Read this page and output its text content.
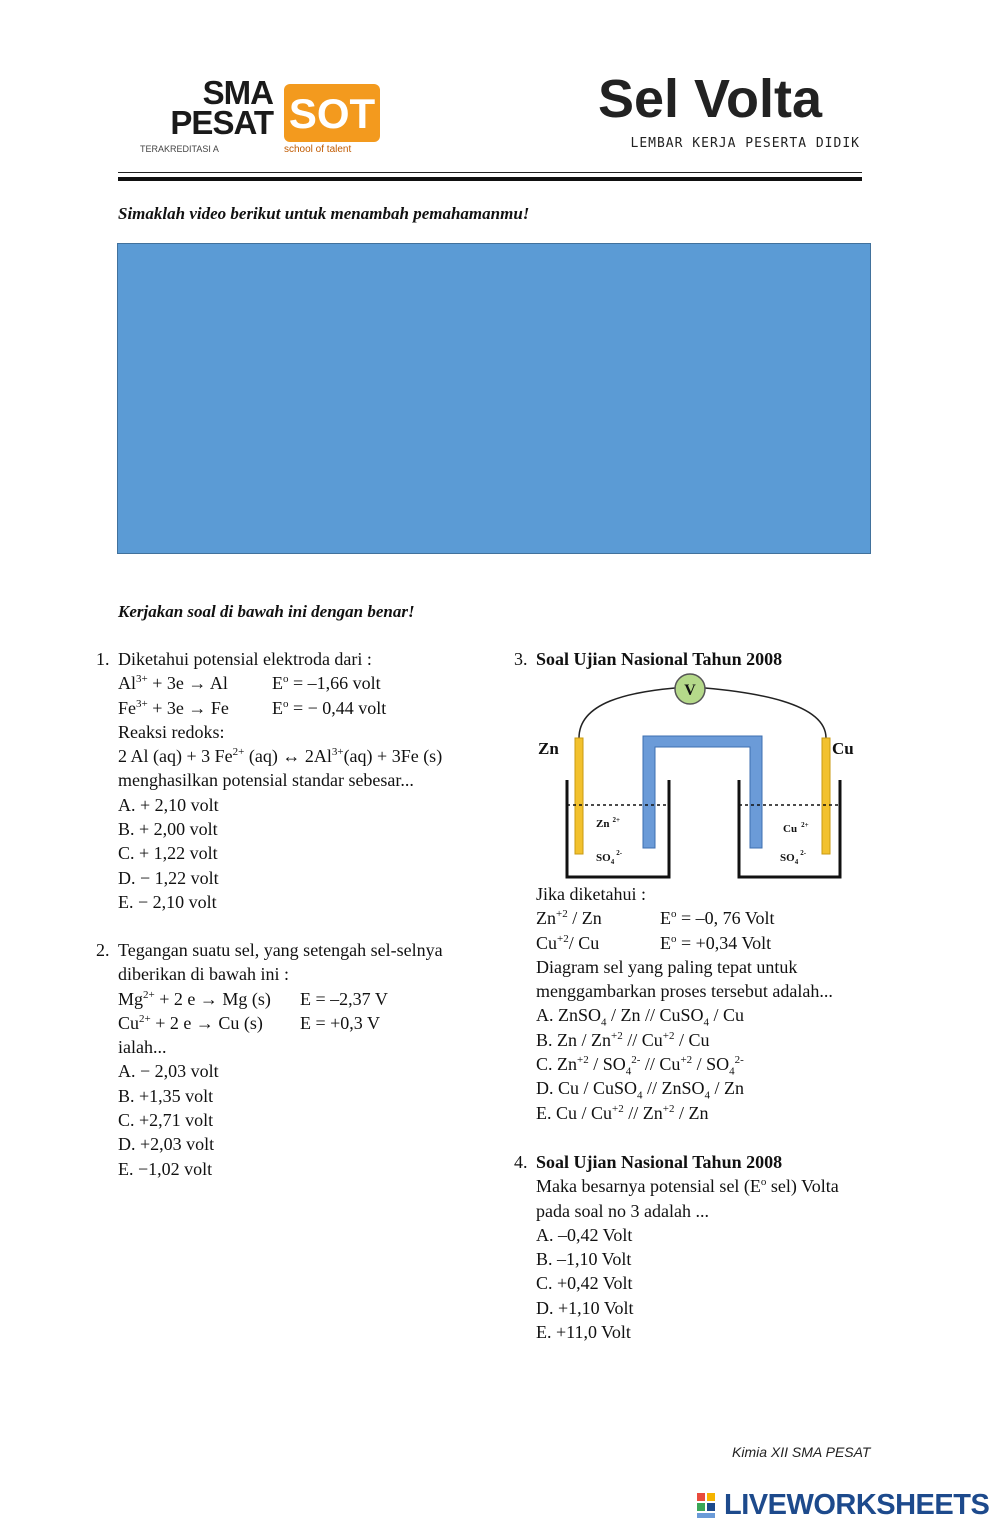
SMA
PESAT
TERAKREDITASI A
SOT
school of talent
Sel Volta
LEMBAR KERJA PESERTA DIDIK
Simaklah video berikut untuk menambah pemahamanmu!
Kerjakan soal di bawah ini dengan benar!
1. Diketahui potensial elektroda dari :
$Al^{3+} + 3e \to Al$ $E^o = -1,66$ volt
$Fe^{3+} + 3e \to Fe$ $E^o$ = − 0,44 volt
Reaksi redoks:
2 Al (aq) + 3 $Fe^{2+}$ (aq) ↔ $2Al^{3+}(aq) + 3Fe$ (s)
menghasilkan potensial standar sebesar...
A. + 2,10 volt
B. + 2,00 volt
C. + 1,22 volt
D. − 1,22 volt
E. − 2,10 volt
2. Tegangan suatu sel, yang setengah sel-selnya
diberikan di bawah ini :
$Mg^{2+} + 2$ e → Mg (s) E = –2,37 V
$Cu^{2+} + 2$ e → Cu (s) E = +0,3 V
ialah...
A. − 2,03 volt
B. +1,35 volt
C. +2,71 volt
D. +2,03 volt
E. −1,02 volt
3. Soal Ujian Nasional Tahun 2008
V
Zn	Cu
Zn $^{2+}$
$SO_4^{2-}$
Cu $^{2+}$
$SO_4^{2-}$
Jika diketahui :
$Zn^{+2}$ / Zn	$E^o = -0$, 76 Volt
$Cu^{+2}/$ Cu	$E^o = +0,34$ Volt
Diagram sel yang paling tepat untuk
menggambarkan proses tersebut adalah...
A. ZnSO$_4$ / Zn // CuSO$_4$ / Cu
B. Zn / $Zn^{+2} // Cu^{+2}$ / Cu
C. $Zn^{+2} / SO_4^{2-} // Cu^{+2} / SO_4^{2-}$
D. Cu / CuSO$_4$ // ZnSO$_4$ / Zn
E. Cu / $Cu^{+2} // Zn^{+2}$ / Zn
4. Soal Ujian Nasional Tahun 2008
Maka besarnya potensial sel ($E^o$ sel) Volta
pada soal no 3 adalah ...
A. –0,42 Volt
B. –1,10 Volt
C. +0,42 Volt
D. +1,10 Volt
E. +11,0 Volt
Kimia XII SMA PESAT
LIVEWORKSHEETS
